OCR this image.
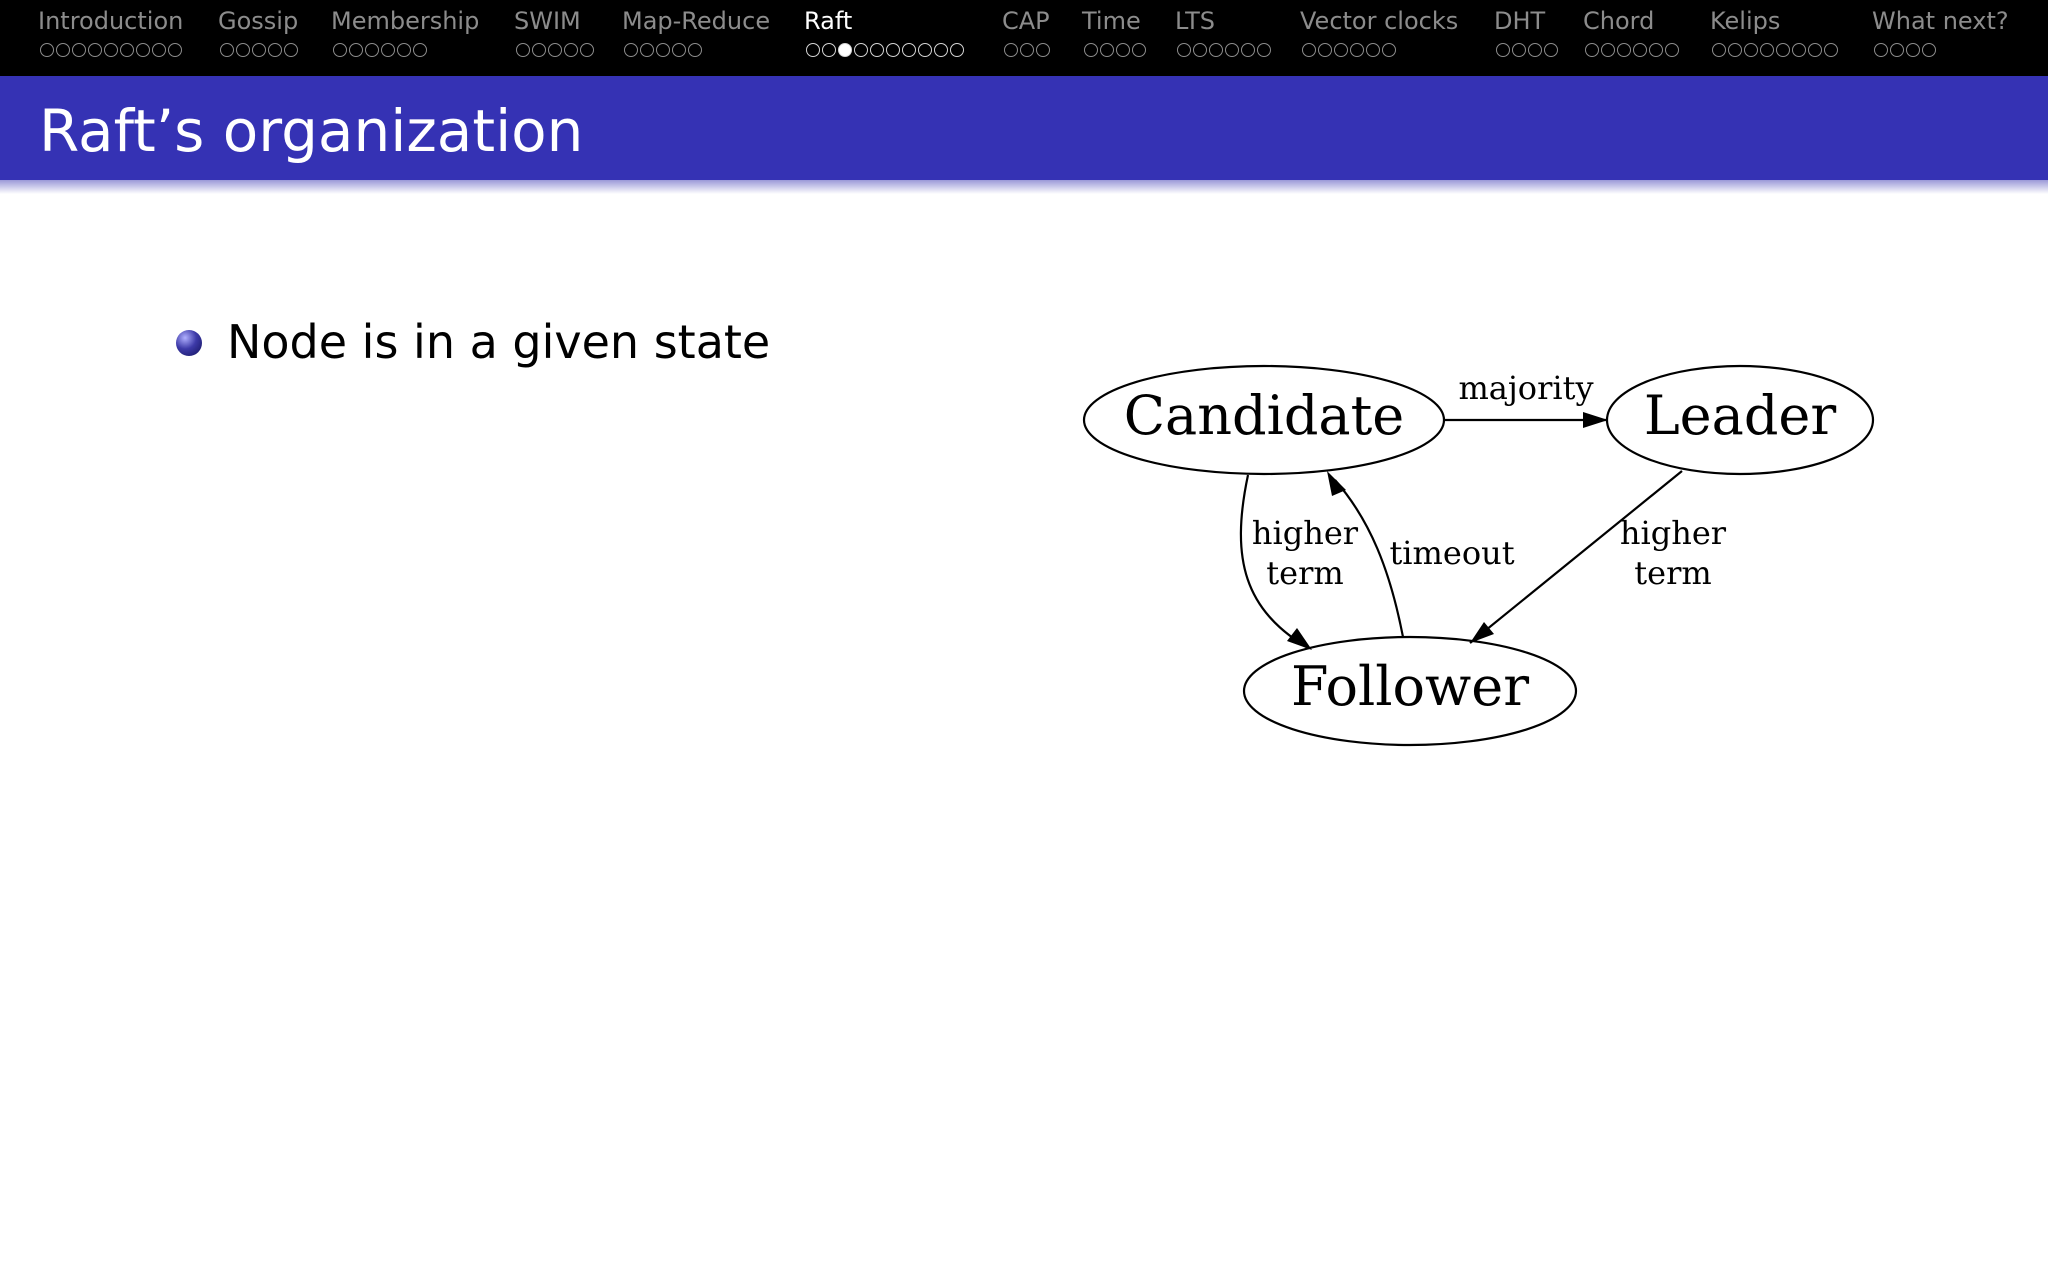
Introduction Gossip Membership SWIM Map-Reduce Raft	CAP Time LTS	Vector clocks DHT Chord Kelips	What next?
Raft’s organization
Node is in a given state
Candidate	Leader
Follower
majority
higher
term
timeout
higher
term
